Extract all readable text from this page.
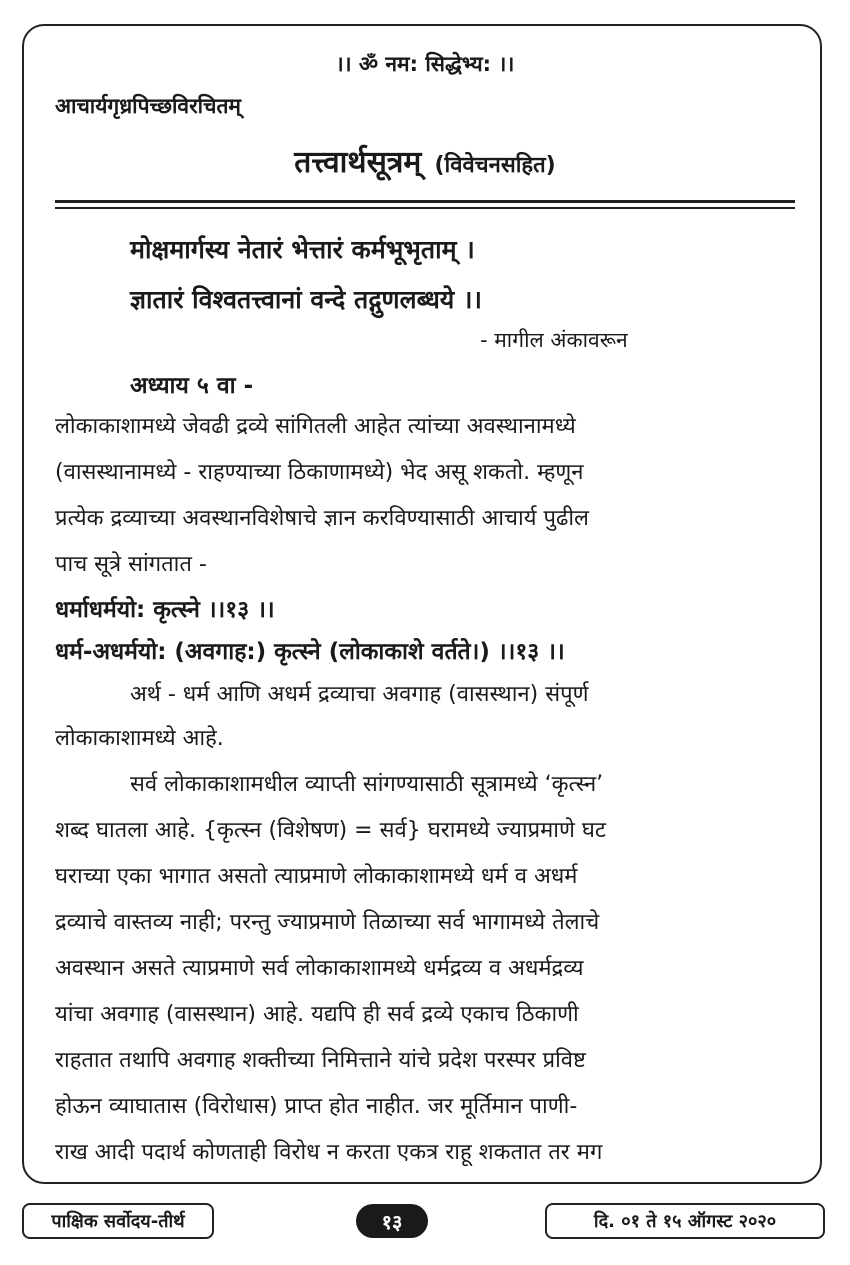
।। ॐ नम: सिद्धेभ्य: ।।
आचार्यगृध्रपिच्छविरचितम्
तत्त्वार्थसूत्रम् (विवेचनसहित)
मोक्षमार्गस्य नेतारं भेत्तारं कर्मभूभृताम् ।
ज्ञातारं विश्वतत्त्वानां वन्दे तद्गुणलब्धये ।।
- मागील अंकावरून
अध्याय ५ वा -
लोकाकाशामध्ये जेवढी द्रव्ये सांगितली आहेत त्यांच्या अवस्थानामध्ये
(वासस्थानामध्ये - राहण्याच्या ठिकाणामध्ये) भेद असू शकतो. म्हणून
प्रत्येक द्रव्याच्या अवस्थानविशेषाचे ज्ञान करविण्यासाठी आचार्य पुढील
पाच सूत्रे सांगतात -
धर्माधर्मयो: कृत्स्ने ।।१३ ।।
धर्म-अधर्मयो: (अवगाह:) कृत्स्ने (लोकाकाशे वर्तते।) ।।१३ ।।
अर्थ - धर्म आणि अधर्म द्रव्याचा अवगाह (वासस्थान) संपूर्ण
लोकाकाशामध्ये आहे.
सर्व लोकाकाशामधील व्याप्ती सांगण्यासाठी सूत्रामध्ये ‘कृत्स्न’
शब्द घातला आहे. {कृत्स्न (विशेषण) = सर्व} घरामध्ये ज्याप्रमाणे घट
घराच्या एका भागात असतो त्याप्रमाणे लोकाकाशामध्ये धर्म व अधर्म
द्रव्याचे वास्तव्य नाही; परन्तु ज्याप्रमाणे तिळाच्या सर्व भागामध्ये तेलाचे
अवस्थान असते त्याप्रमाणे सर्व लोकाकाशामध्ये धर्मद्रव्य व अधर्मद्रव्य
यांचा अवगाह (वासस्थान) आहे. यद्यपि ही सर्व द्रव्ये एकाच ठिकाणी
राहतात तथापि अवगाह शक्तीच्या निमित्ताने यांचे प्रदेश परस्पर प्रविष्ट
होऊन व्याघातास (विरोधास) प्राप्त होत नाहीत. जर मूर्तिमान पाणी-
राख आदी पदार्थ कोणताही विरोध न करता एकत्र राहू शकतात तर मग
पाक्षिक सर्वोदय-तीर्थ	१३	दि. ०१ ते १५ ऑगस्ट २०२०
